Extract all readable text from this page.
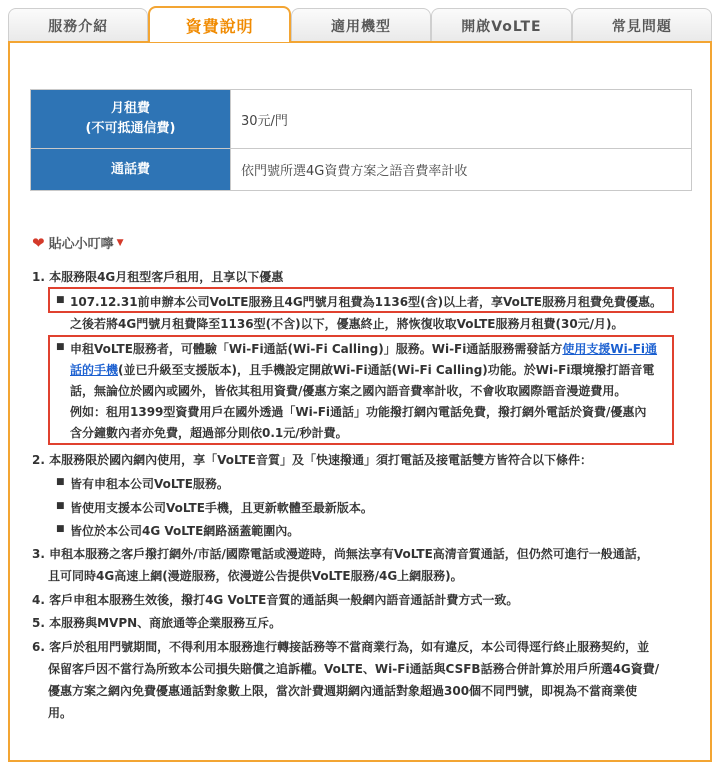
服務介紹	資費說明	適用機型	開啟VoLTE	常見問題
月租費
(不可抵通信費)	30元/門
通話費	依門號所選4G資費方案之語音費率計收
❤ 貼心小叮嚀 ▼
1. 本服務限4G月租型客戶租用，且享以下優惠
■ 107.12.31前申辦本公司VoLTE服務且4G門號月租費為1136型(含)以上者，享VoLTE服務月租費免費優惠。
之後若將4G門號月租費降至1136型(不含)以下，優惠終止，將恢復收取VoLTE服務月租費(30元/月)。
■ 申租VoLTE服務者，可體驗「Wi-Fi通話(Wi-Fi Calling)」服務。Wi-Fi通話服務需發話方使用支援Wi-Fi通
話的手機(並已升級至支援版本)，且手機設定開啟Wi-Fi通話(Wi-Fi Calling)功能。於Wi-Fi環境撥打語音電
話，無論位於國內或國外，皆依其租用資費/優惠方案之國內語音費率計收，不會收取國際語音漫遊費用。
例如：租用1399型資費用戶在國外透過「Wi-Fi通話」功能撥打網內電話免費，撥打網外電話於資費/優惠內
含分鐘數內者亦免費，超過部分則依0.1元/秒計費。
2. 本服務限於國內網內使用，享「VoLTE音質」及「快速撥通」須打電話及接電話雙方皆符合以下條件：
■ 皆有申租本公司VoLTE服務。
■ 皆使用支援本公司VoLTE手機，且更新軟體至最新版本。
■ 皆位於本公司4G VoLTE網路涵蓋範圍內。
3. 申租本服務之客戶撥打網外/市話/國際電話或漫遊時，尚無法享有VoLTE高清音質通話，但仍然可進行一般通話，
且可同時4G高速上網(漫遊服務，依漫遊公告提供VoLTE服務/4G上網服務)。
4. 客戶申租本服務生效後，撥打4G VoLTE音質的通話與一般網內語音通話計費方式一致。
5. 本服務與MVPN、商旅通等企業服務互斥。
6. 客戶於租用門號期間，不得利用本服務進行轉接話務等不當商業行為，如有違反，本公司得逕行終止服務契約，並
保留客戶因不當行為所致本公司損失賠償之追訴權。VoLTE、Wi-Fi通話與CSFB話務合併計算於用戶所選4G資費/
優惠方案之網內免費優惠通話對象數上限，當次計費週期網內通話對象超過300個不同門號，即視為不當商業使
用。
